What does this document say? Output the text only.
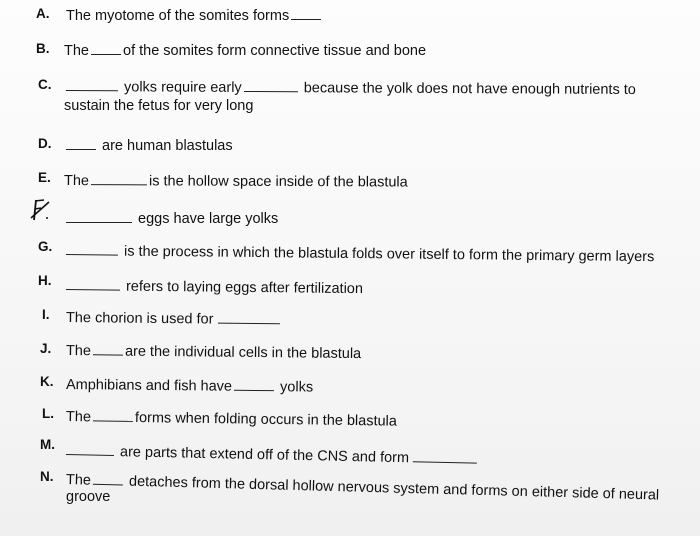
A. The myotome of the somites forms
B. The of the somites form connective tissue and bone
C.	yolks require early	because the yolk does not have enough nutrients to
sustain the fetus for very long
D.	are human blastulas
E. The	is the hollow space inside of the blastula
eggs have large yolks
G.	is the process in which the blastula folds over itself to form the primary germ layers
H.	refers to laying eggs after fertilization
I. The chorion is used for
J. The are the individual cells in the blastula
K. Amphibians and fish have	yolks
L. The	forms when folding occurs in the blastula
M.	are parts that extend off of the CNS and form
N. The	detaches from the dorsal hollow nervous system and forms on either side of neural
groove
